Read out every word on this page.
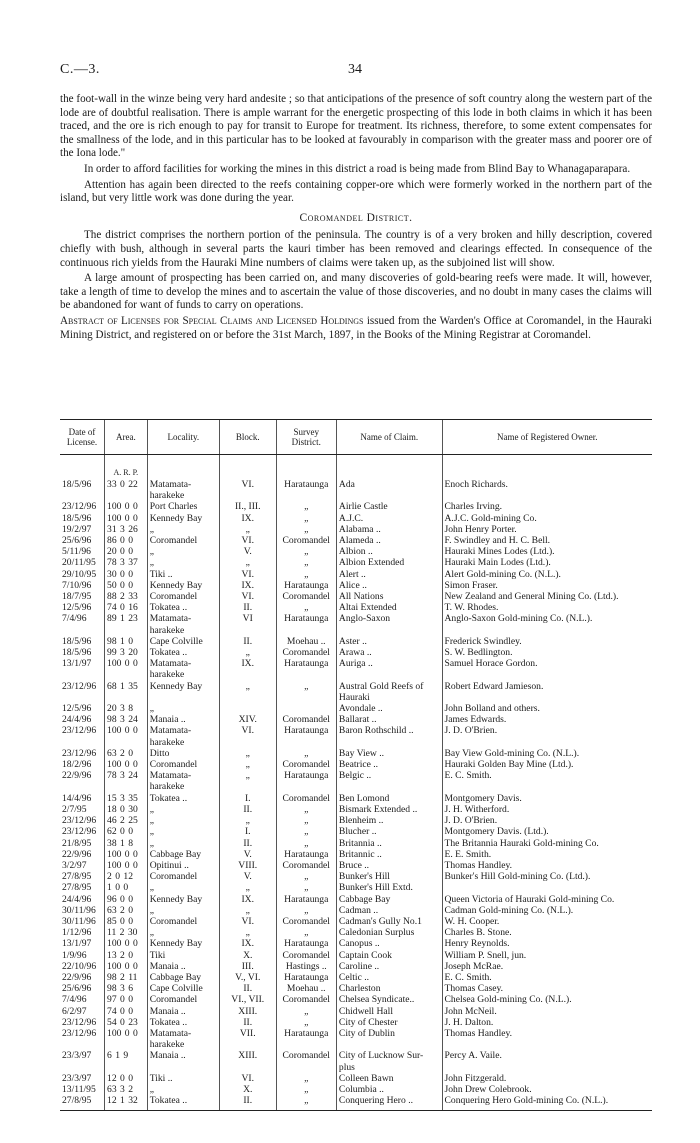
C.—3.	34

the foot-wall in the winze being very hard andesite ; so that anticipations of the presence of soft country along the western part of the lode are of doubtful realisation. There is ample warrant for the energetic prospecting of this lode in both claims in which it has been traced, and the ore is rich enough to pay for transit to Europe for treatment. Its richness, therefore, to some extent compensates for the smallness of the lode, and in this particular has to be looked at favourably in comparison with the greater mass and poorer ore of the Iona lode."

In order to afford facilities for working the mines in this district a road is being made from Blind Bay to Whanagaparapara.

Attention has again been directed to the reefs containing copper-ore which were formerly worked in the northern part of the island, but very little work was done during the year.

Coromandel District.

The district comprises the northern portion of the peninsula. The country is of a very broken and hilly description, covered chiefly with bush, although in several parts the kauri timber has been removed and clearings effected. In consequence of the continuous rich yields from the Hauraki Mine numbers of claims were taken up, as the subjoined list will show.

A large amount of prospecting has been carried on, and many discoveries of gold-bearing reefs were made. It will, however, take a length of time to develop the mines and to ascertain the value of those discoveries, and no doubt in many cases the claims will be abandoned for want of funds to carry on operations.

Abstract of Licenses for Special Claims and Licensed Holdings issued from the Warden's Office at Coromandel, in the Hauraki Mining District, and registered on or before the 31st March, 1897, in the Books of the Mining Registrar at Coromandel.

Date of License.	Area.	Locality.	Block.	Survey District.	Name of Claim.	Name of Registered Owner.
	A. R. P.					
18/5/96	33 0 22	Matamata-	VI.	Harataunga	Ada	Enoch Richards.
		harakeke				
23/12/96	100 0 0	Port Charles	II., III.	„	Airlie Castle	Charles Irving.
18/5/96	100 0 0	Kennedy Bay	IX.	„	A.J.C.	A.J.C. Gold-mining Co.
19/2/97	31 3 26	„	„	„	Alabama ..	John Henry Porter.
25/6/96	86 0 0	Coromandel	VI.	Coromandel	Alameda ..	F. Swindley and H. C. Bell.
5/11/96	20 0 0	„	V.	„	Albion ..	Hauraki Mines Lodes (Ltd.).
20/11/95	78 3 37	„	„	„	Albion Extended	Hauraki Main Lodes (Ltd.).
29/10/95	30 0 0	Tiki ..	VI.	„	Alert ..	Alert Gold-mining Co. (N.L.).
7/10/96	50 0 0	Kennedy Bay	IX.	Harataunga	Alice ..	Simon Fraser.
18/7/95	88 2 33	Coromandel	VI.	Coromandel	All Nations	New Zealand and General Mining Co. (Ltd.).
12/5/96	74 0 16	Tokatea ..	II.	„	Altai Extended	T. W. Rhodes.
7/4/96	89 1 23	Matamata-	VI	Harataunga	Anglo-Saxon	Anglo-Saxon Gold-mining Co. (N.L.).
		harakeke				
18/5/96	98 1 0	Cape Colville	II.	Moehau ..	Aster ..	Frederick Swindley.
18/5/96	99 3 20	Tokatea ..	„	Coromandel	Arawa ..	S. W. Bedlington.
13/1/97	100 0 0	Matamata-	IX.	Harataunga	Auriga ..	Samuel Horace Gordon.
		harakeke				
23/12/96	68 1 35	Kennedy Bay	„	„	Austral Gold Reefs of	Robert Edward Jamieson.
					Hauraki	
12/5/96	20 3 8	„			Avondale ..	John Bolland and others.
24/4/96	98 3 24	Manaia ..	XIV.	Coromandel	Ballarat ..	James Edwards.
23/12/96	100 0 0	Matamata-	VI.	Harataunga	Baron Rothschild ..	J. D. O'Brien.
		harakeke				
23/12/96	63 2 0	Ditto	„	„	Bay View ..	Bay View Gold-mining Co. (N.L.).
18/2/96	100 0 0	Coromandel	„	Coromandel	Beatrice ..	Hauraki Golden Bay Mine (Ltd.).
22/9/96	78 3 24	Matamata-	„	Harataunga	Belgic ..	E. C. Smith.
		harakeke				
14/4/96	15 3 35	Tokatea ..	I.	Coromandel	Ben Lomond	Montgomery Davis.
2/7/95	18 0 30	„	II.	„	Bismark Extended ..	J. H. Witherford.
23/12/96	46 2 25	„	„	„	Blenheim ..	J. D. O'Brien.
23/12/96	62 0 0	„	I.	„	Blucher ..	Montgomery Davis. (Ltd.).
21/8/95	38 1 8	„	II.	„	Britannia ..	The Britannia Hauraki Gold-mining Co.
22/9/96	100 0 0	Cabbage Bay	V.	Harataunga	Britannic ..	E. E. Smith.
3/2/97	100 0 0	Opitinui ..	VIII.	Coromandel	Bruce ..	Thomas Handley.
27/8/95	2 0 12	Coromandel	V.	„	Bunker's Hill	Bunker's Hill Gold-mining Co. (Ltd.).
27/8/95	1 0 0	„	„	„	Bunker's Hill Extd.	
24/4/96	96 0 0	Kennedy Bay	IX.	Harataunga	Cabbage Bay	Queen Victoria of Hauraki Gold-mining Co.
30/11/96	63 2 0	„	„	„	Cadman ..	Cadman Gold-mining Co. (N.L.).
30/11/96	85 0 0	Coromandel	VI.	Coromandel	Cadman's Gully No.1	W. H. Cooper.
1/12/96	11 2 30	„	„	„	Caledonian Surplus	Charles B. Stone.
13/1/97	100 0 0	Kennedy Bay	IX.	Harataunga	Canopus ..	Henry Reynolds.
1/9/96	13 2 0	Tiki	X.	Coromandel	Captain Cook	William P. Snell, jun.
22/10/96	100 0 0	Manaia ..	III.	Hastings ..	Caroline ..	Joseph McRae.
22/9/96	98 2 11	Cabbage Bay	V., VI.	Harataunga	Celtic ..	E. C. Smith.
25/6/96	98 3 6	Cape Colville	II.	Moehau ..	Charleston	Thomas Casey.
7/4/96	97 0 0	Coromandel	VI., VII.	Coromandel	Chelsea Syndicate..	Chelsea Gold-mining Co. (N.L.).
6/2/97	74 0 0	Manaia ..	XIII.	„	Chidwell Hall	John McNeil.
23/12/96	54 0 23	Tokatea ..	II.	„	City of Chester	J. H. Dalton.
23/12/96	100 0 0	Matamata-	VII.	Harataunga	City of Dublin	Thomas Handley.
		harakeke				
23/3/97	6 1 9	Manaia ..	XIII.	Coromandel	City of Lucknow Sur-	Percy A. Vaile.
					plus	
23/3/97	12 0 0	Tiki ..	VI.	„	Colleen Bawn	John Fitzgerald.
13/11/95	63 3 2	„	X.	„	Columbia ..	John Drew Colebrook.
27/8/95	12 1 32	Tokatea ..	II.	„	Conquering Hero ..	Conquering Hero Gold-mining Co. (N.L.).
